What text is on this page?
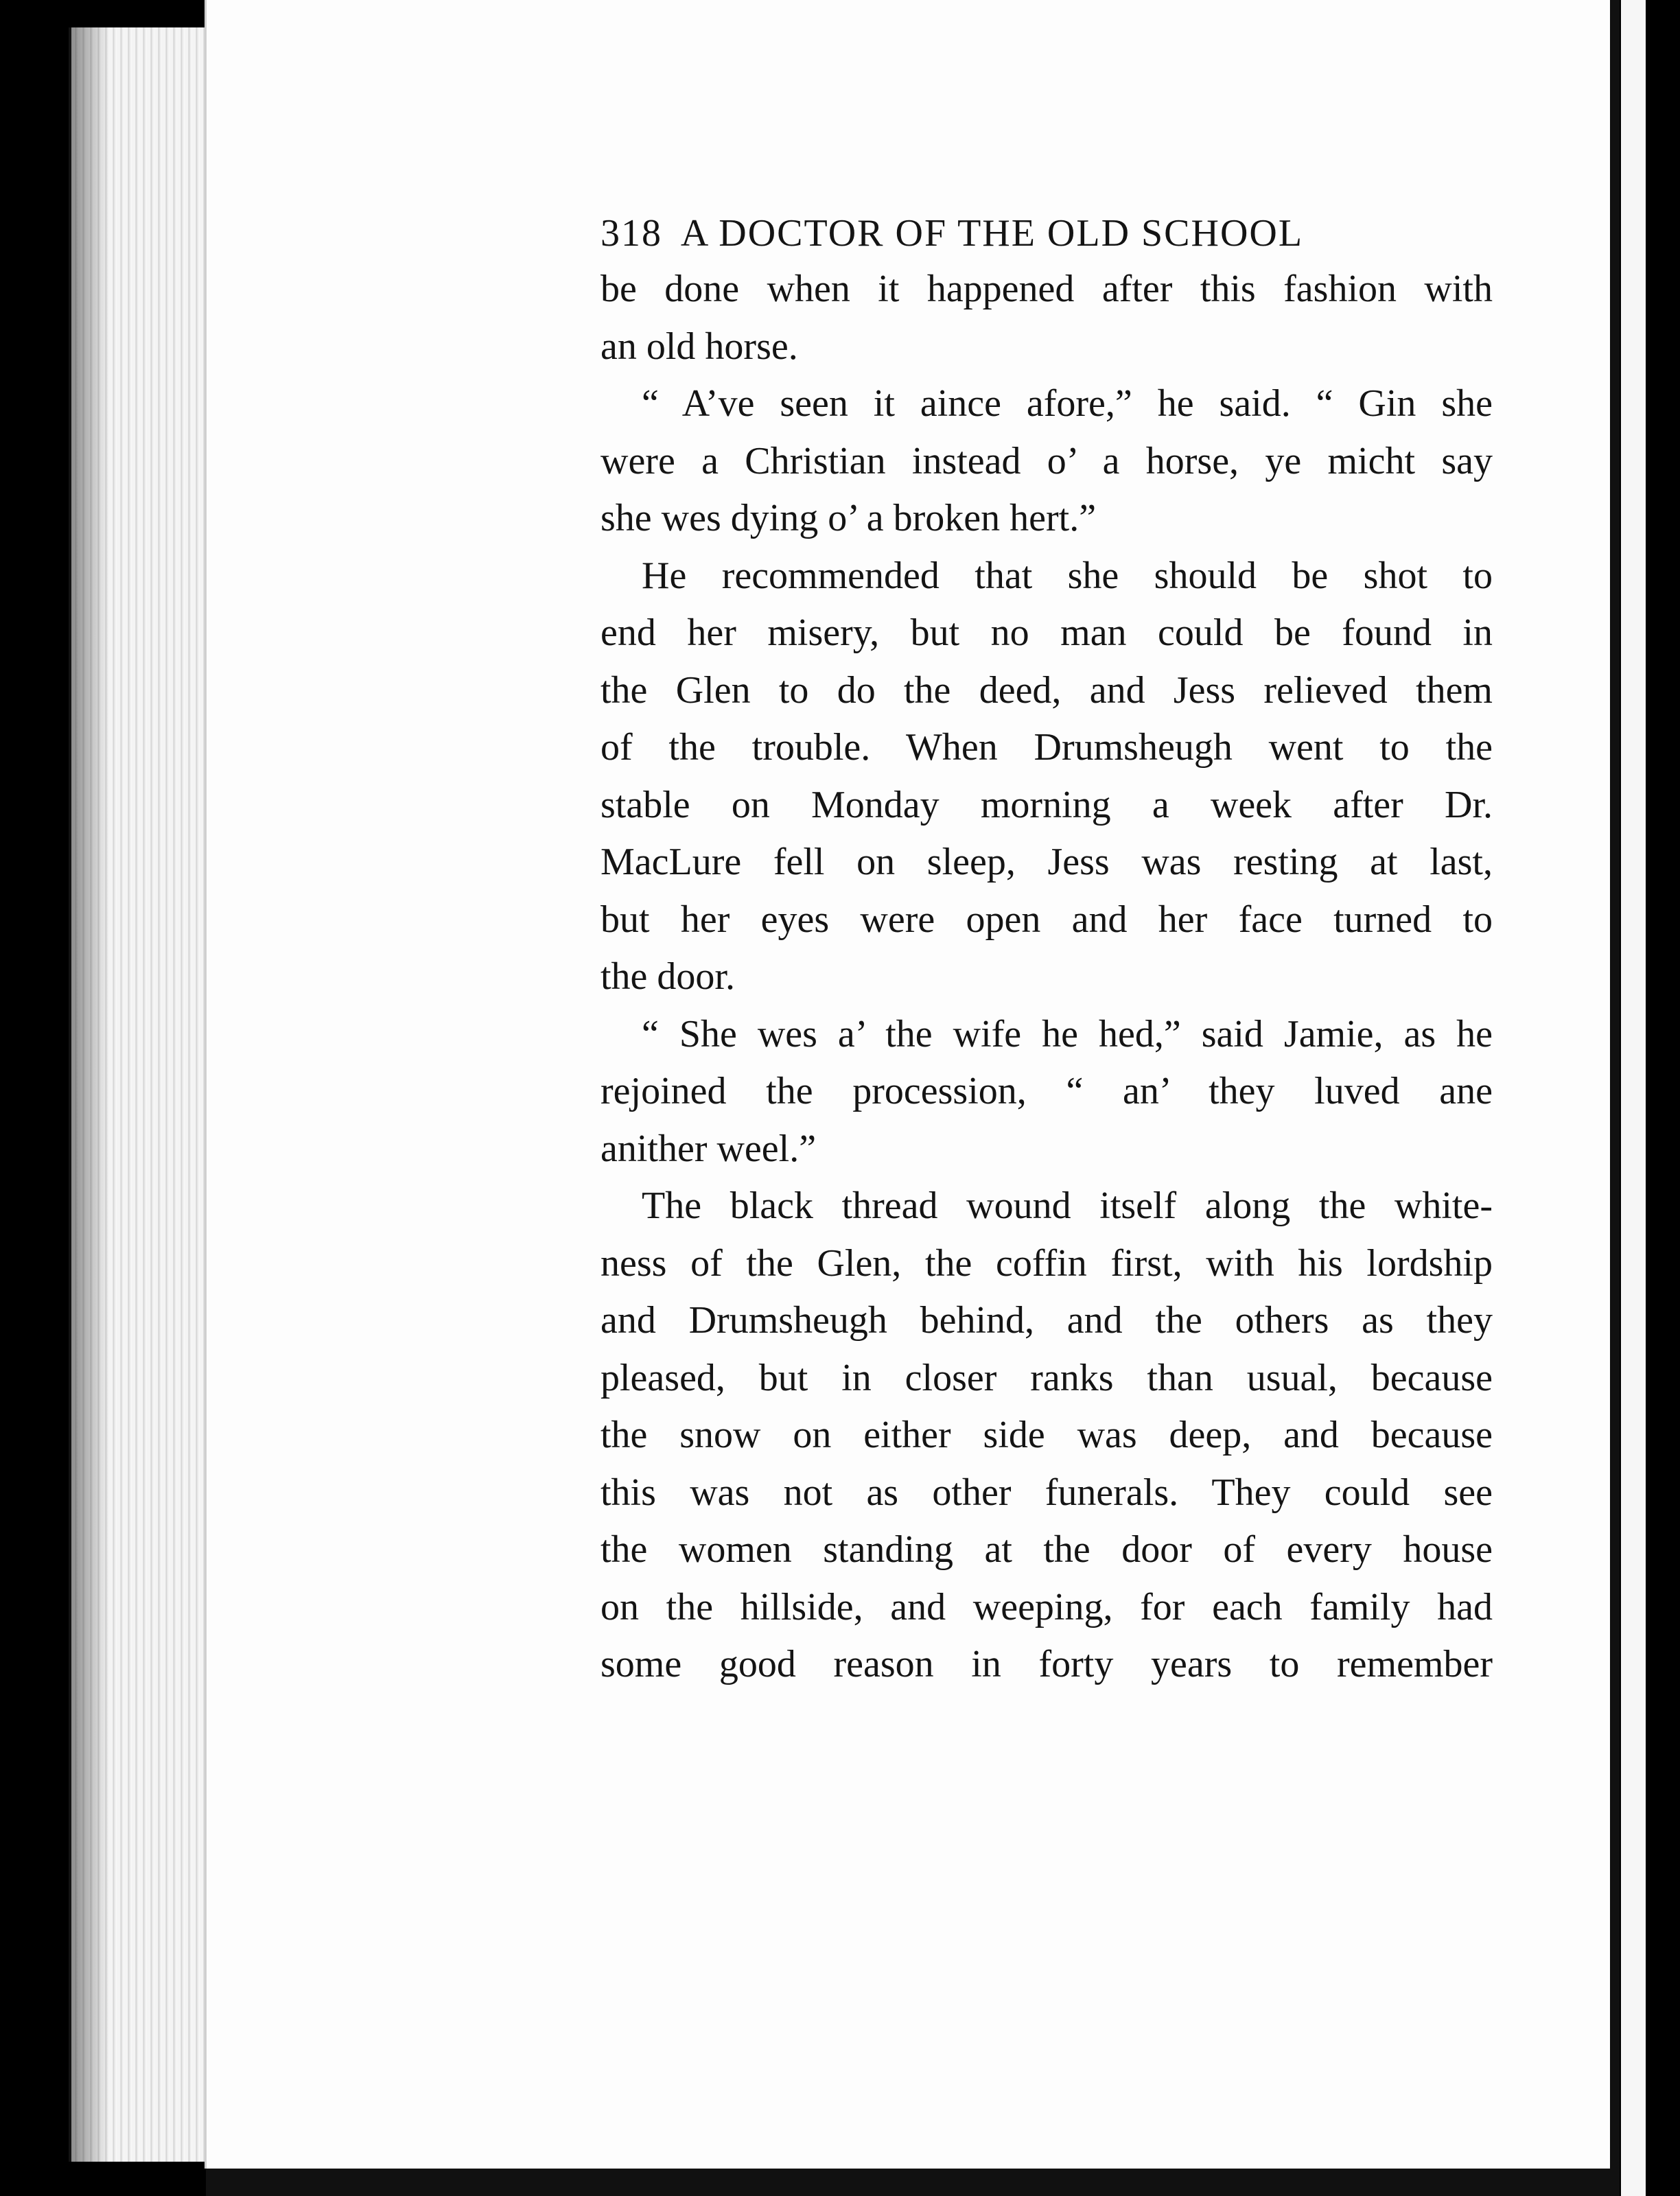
318 A DOCTOR OF THE OLD SCHOOL
be done when it happened after this fashion with
an old horse.
“ A’ve seen it aince afore,” he said. “ Gin she
were a Christian instead o’ a horse, ye micht say
she wes dying o’ a broken hert.”
He recommended that she should be shot to
end her misery, but no man could be found in
the Glen to do the deed, and Jess relieved them
of the trouble. When Drumsheugh went to the
stable on Monday morning a week after Dr.
MacLure fell on sleep, Jess was resting at last,
but her eyes were open and her face turned to
the door.
“ She wes a’ the wife he hed,” said Jamie, as he
rejoined the procession, “ an’ they luved ane
anither weel.”
The black thread wound itself along the white-
ness of the Glen, the coffin first, with his lordship
and Drumsheugh behind, and the others as they
pleased, but in closer ranks than usual, because
the snow on either side was deep, and because
this was not as other funerals. They could see
the women standing at the door of every house
on the hillside, and weeping, for each family had
some good reason in forty years to remember
